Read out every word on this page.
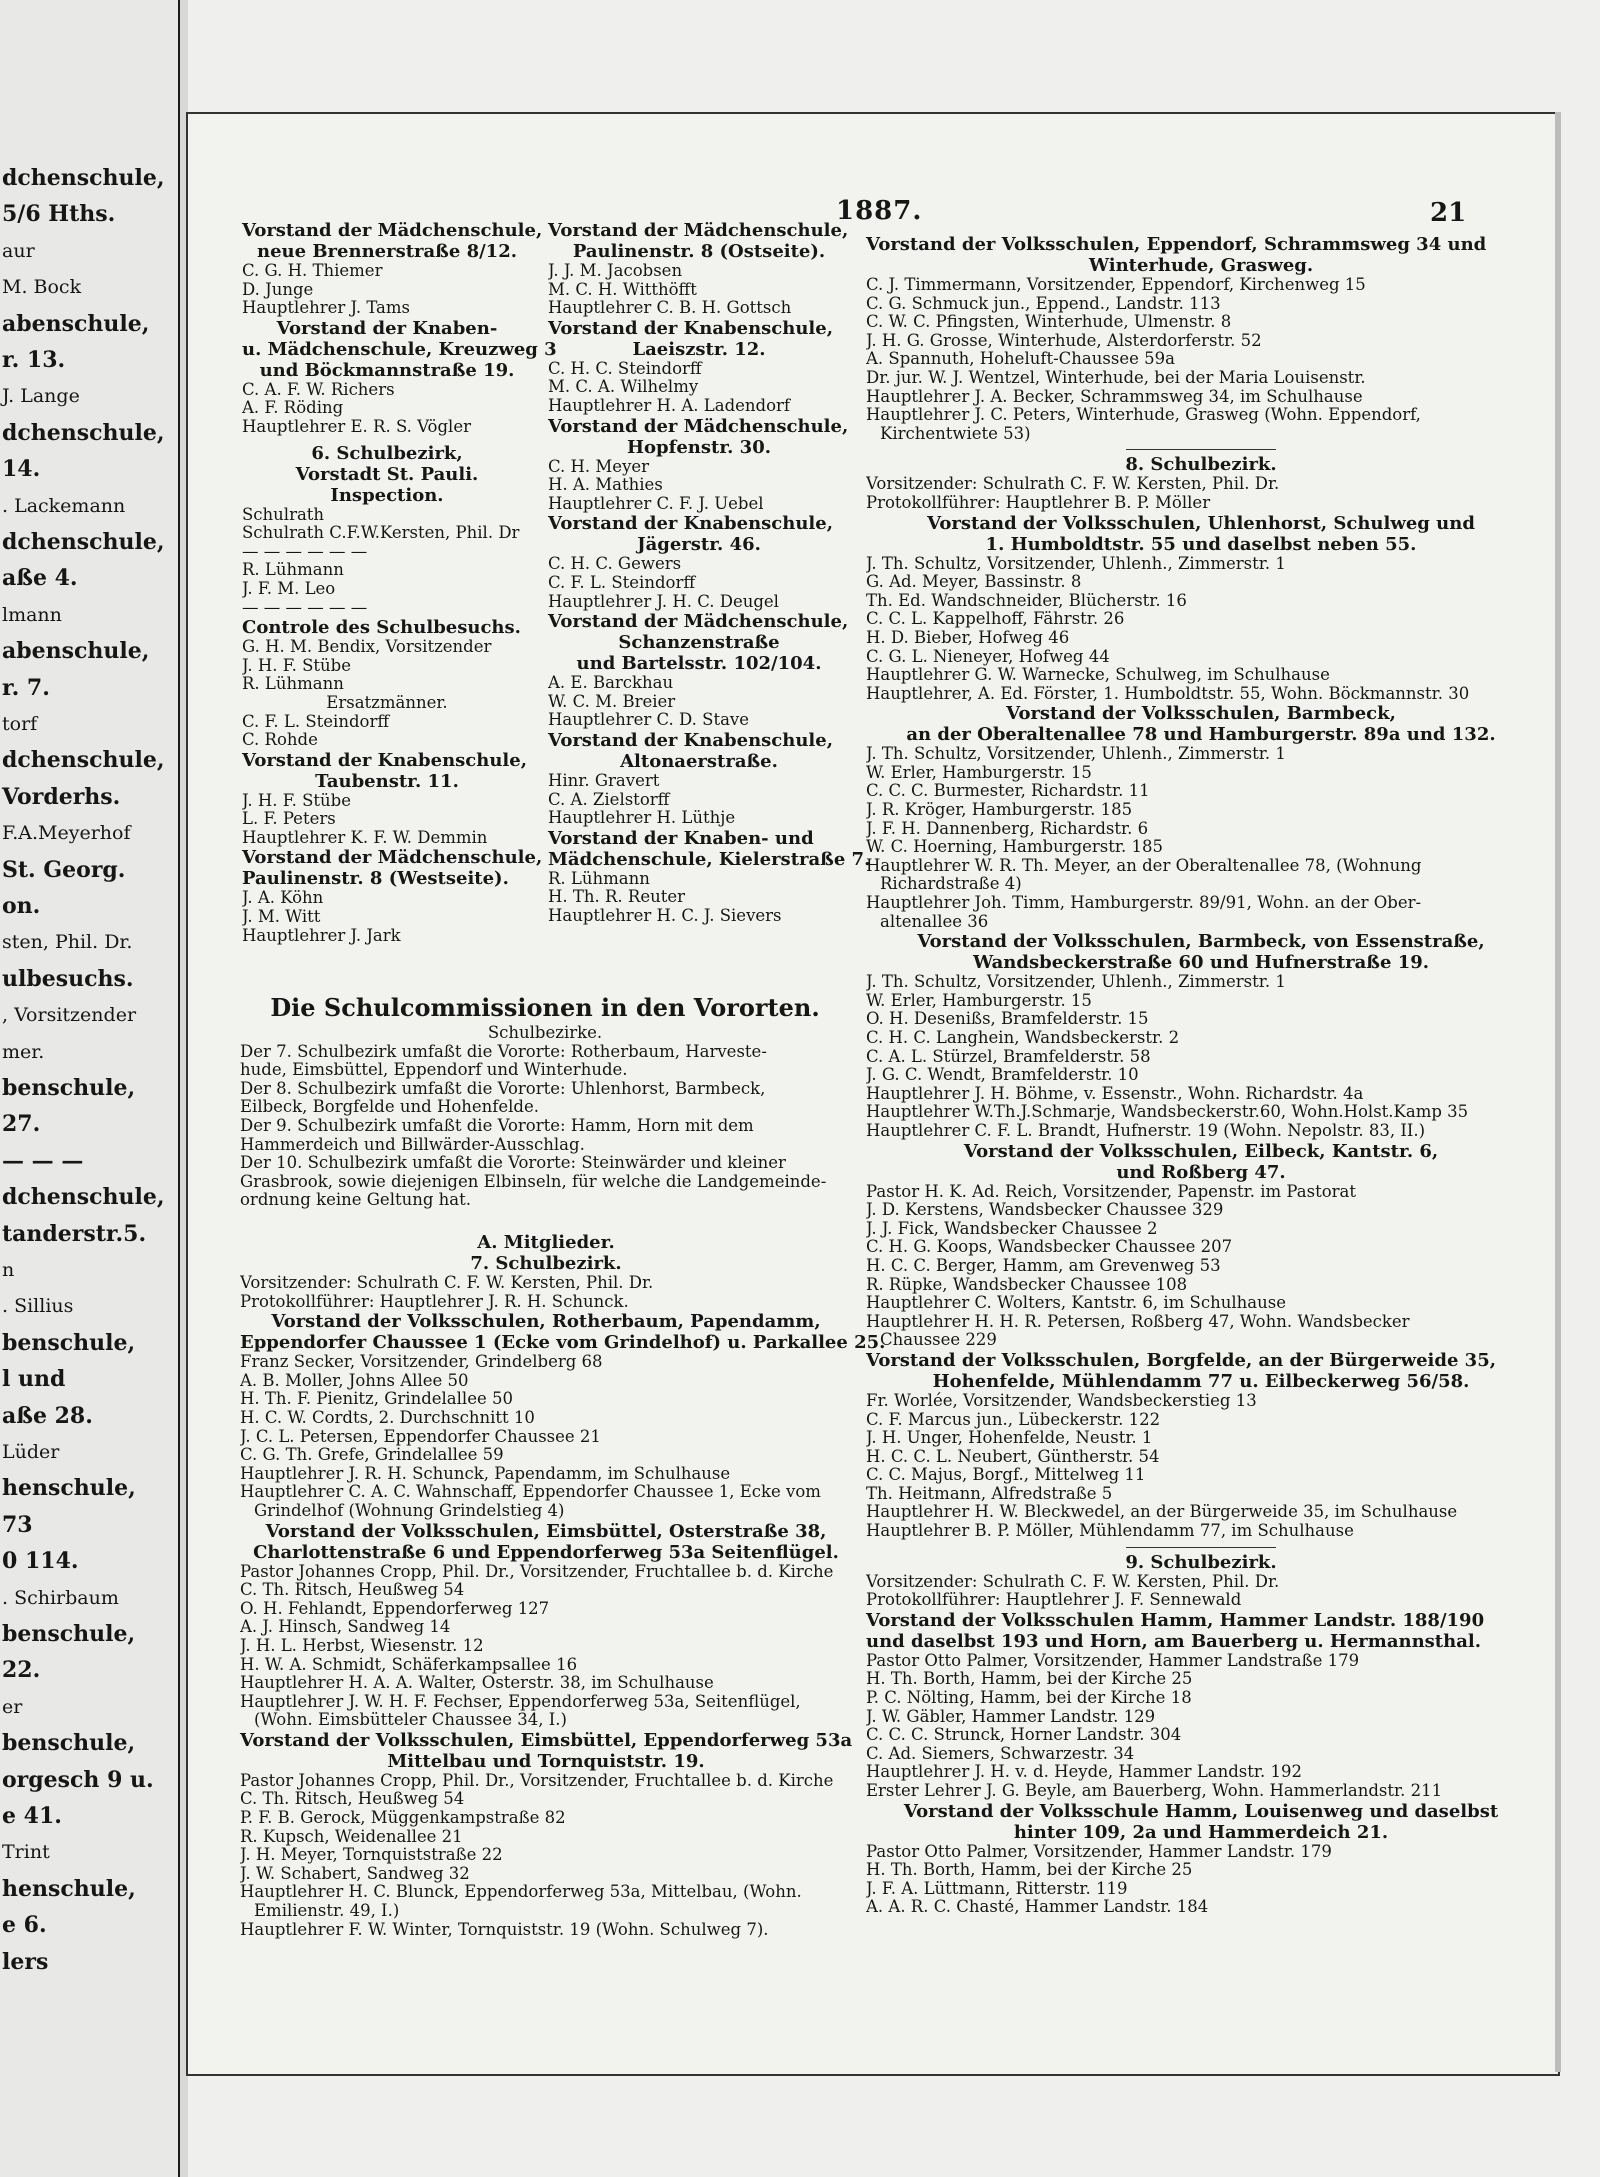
dchenschule,
5/6 Hths.
aur
M. Bock
abenschule,
r. 13.
J. Lange
dchenschule,
14.
. Lackemann
dchenschule,
aße 4.
lmann
abenschule,
r. 7.
torf
dchenschule,
Vorderhs.
F.A.Meyerhof
St. Georg.
on.
sten, Phil. Dr.
ulbesuchs.
, Vorsitzender
mer.
benschule,
27.
— — —
dchenschule,
tanderstr.5.
n
. Sillius
benschule,
l und
aße 28.
Lüder
henschule,
73
0 114.
. Schirbaum
benschule,
22.
er
benschule,
orgesch 9 u.
e 41.
Trint
henschule,
e 6.
lers
1887.	21
Vorstand der Mädchenschule,
neue Brennerstraße 8/12.
C. G. H. Thiemer
D. Junge
Hauptlehrer J. Tams
Vorstand der Knaben-
u. Mädchenschule, Kreuzweg 3
und Böckmannstraße 19.
C. A. F. W. Richers
A. F. Röding
Hauptlehrer E. R. S. Vögler
6. Schulbezirk,
Vorstadt St. Pauli.
Inspection.
Schulrath
Schulrath C.F.W.Kersten, Phil. Dr
— — — — — —
R. Lühmann
J. F. M. Leo
— — — — — —
Controle des Schulbesuchs.
G. H. M. Bendix, Vorsitzender
J. H. F. Stübe
R. Lühmann
Ersatzmänner.
C. F. L. Steindorff
C. Rohde
Vorstand der Knabenschule,
Taubenstr. 11.
J. H. F. Stübe
L. F. Peters
Hauptlehrer K. F. W. Demmin
Vorstand der Mädchenschule,
Paulinenstr. 8 (Westseite).
J. A. Köhn
J. M. Witt
Hauptlehrer J. Jark
Vorstand der Mädchenschule,
Paulinenstr. 8 (Ostseite).
J. J. M. Jacobsen
M. C. H. Witthöfft
Hauptlehrer C. B. H. Gottsch
Vorstand der Knabenschule,
Laeiszstr. 12.
C. H. C. Steindorff
M. C. A. Wilhelmy
Hauptlehrer H. A. Ladendorf
Vorstand der Mädchenschule,
Hopfenstr. 30.
C. H. Meyer
H. A. Mathies
Hauptlehrer C. F. J. Uebel
Vorstand der Knabenschule,
Jägerstr. 46.
C. H. C. Gewers
C. F. L. Steindorff
Hauptlehrer J. H. C. Deugel
Vorstand der Mädchenschule,
Schanzenstraße
und Bartelsstr. 102/104.
A. E. Barckhau
W. C. M. Breier
Hauptlehrer C. D. Stave
Vorstand der Knabenschule,
Altonaerstraße.
Hinr. Gravert
C. A. Zielstorff
Hauptlehrer H. Lüthje
Vorstand der Knaben- und
Mädchenschule, Kielerstraße 7.
R. Lühmann
H. Th. R. Reuter
Hauptlehrer H. C. J. Sievers
Die Schulcommissionen in den Vororten.
Schulbezirke.
Der 7. Schulbezirk umfaßt die Vororte: Rotherbaum, Harveste-
hude, Eimsbüttel, Eppendorf und Winterhude.
Der 8. Schulbezirk umfaßt die Vororte: Uhlenhorst, Barmbeck,
Eilbeck, Borgfelde und Hohenfelde.
Der 9. Schulbezirk umfaßt die Vororte: Hamm, Horn mit dem
Hammerdeich und Billwärder-Ausschlag.
Der 10. Schulbezirk umfaßt die Vororte: Steinwärder und kleiner
Grasbrook, sowie diejenigen Elbinseln, für welche die Landgemeinde-
ordnung keine Geltung hat.
A. Mitglieder.
7. Schulbezirk.
Vorsitzender: Schulrath C. F. W. Kersten, Phil. Dr.
Protokollführer: Hauptlehrer J. R. H. Schunck.
Vorstand der Volksschulen, Rotherbaum, Papendamm,
Eppendorfer Chaussee 1 (Ecke vom Grindelhof) u. Parkallee 25.
Franz Secker, Vorsitzender, Grindelberg 68
A. B. Moller, Johns Allee 50
H. Th. F. Pienitz, Grindelallee 50
H. C. W. Cordts, 2. Durchschnitt 10
J. C. L. Petersen, Eppendorfer Chaussee 21
C. G. Th. Grefe, Grindelallee 59
Hauptlehrer J. R. H. Schunck, Papendamm, im Schulhause
Hauptlehrer C. A. C. Wahnschaff, Eppendorfer Chaussee 1, Ecke vom
Grindelhof (Wohnung Grindelstieg 4)
Vorstand der Volksschulen, Eimsbüttel, Osterstraße 38,
Charlottenstraße 6 und Eppendorferweg 53a Seitenflügel.
Pastor Johannes Cropp, Phil. Dr., Vorsitzender, Fruchtallee b. d. Kirche
C. Th. Ritsch, Heußweg 54
O. H. Fehlandt, Eppendorferweg 127
A. J. Hinsch, Sandweg 14
J. H. L. Herbst, Wiesenstr. 12
H. W. A. Schmidt, Schäferkampsallee 16
Hauptlehrer H. A. A. Walter, Osterstr. 38, im Schulhause
Hauptlehrer J. W. H. F. Fechser, Eppendorferweg 53a, Seitenflügel,
(Wohn. Eimsbütteler Chaussee 34, I.)
Vorstand der Volksschulen, Eimsbüttel, Eppendorferweg 53a
Mittelbau und Tornquiststr. 19.
Pastor Johannes Cropp, Phil. Dr., Vorsitzender, Fruchtallee b. d. Kirche
C. Th. Ritsch, Heußweg 54
P. F. B. Gerock, Müggenkampstraße 82
R. Kupsch, Weidenallee 21
J. H. Meyer, Tornquiststraße 22
J. W. Schabert, Sandweg 32
Hauptlehrer H. C. Blunck, Eppendorferweg 53a, Mittelbau, (Wohn.
Emilienstr. 49, I.)
Hauptlehrer F. W. Winter, Tornquiststr. 19 (Wohn. Schulweg 7).
Vorstand der Volksschulen, Eppendorf, Schrammsweg 34 und
Winterhude, Grasweg.
C. J. Timmermann, Vorsitzender, Eppendorf, Kirchenweg 15
C. G. Schmuck jun., Eppend., Landstr. 113
C. W. C. Pfingsten, Winterhude, Ulmenstr. 8
J. H. G. Grosse, Winterhude, Alsterdorferstr. 52
A. Spannuth, Hoheluft-Chaussee 59a
Dr. jur. W. J. Wentzel, Winterhude, bei der Maria Louisenstr.
Hauptlehrer J. A. Becker, Schrammsweg 34, im Schulhause
Hauptlehrer J. C. Peters, Winterhude, Grasweg (Wohn. Eppendorf,
Kirchentwiete 53)
8. Schulbezirk.
Vorsitzender: Schulrath C. F. W. Kersten, Phil. Dr.
Protokollführer: Hauptlehrer B. P. Möller
Vorstand der Volksschulen, Uhlenhorst, Schulweg und
1. Humboldtstr. 55 und daselbst neben 55.
J. Th. Schultz, Vorsitzender, Uhlenh., Zimmerstr. 1
G. Ad. Meyer, Bassinstr. 8
Th. Ed. Wandschneider, Blücherstr. 16
C. C. L. Kappelhoff, Fährstr. 26
H. D. Bieber, Hofweg 46
C. G. L. Nieneyer, Hofweg 44
Hauptlehrer G. W. Warnecke, Schulweg, im Schulhause
Hauptlehrer, A. Ed. Förster, 1. Humboldtstr. 55, Wohn. Böckmannstr. 30
Vorstand der Volksschulen, Barmbeck,
an der Oberaltenallee 78 und Hamburgerstr. 89a und 132.
J. Th. Schultz, Vorsitzender, Uhlenh., Zimmerstr. 1
W. Erler, Hamburgerstr. 15
C. C. C. Burmester, Richardstr. 11
J. R. Kröger, Hamburgerstr. 185
J. F. H. Dannenberg, Richardstr. 6
W. C. Hoerning, Hamburgerstr. 185
Hauptlehrer W. R. Th. Meyer, an der Oberaltenallee 78, (Wohnung
Richardstraße 4)
Hauptlehrer Joh. Timm, Hamburgerstr. 89/91, Wohn. an der Ober-
altenallee 36
Vorstand der Volksschulen, Barmbeck, von Essenstraße,
Wandsbeckerstraße 60 und Hufnerstraße 19.
J. Th. Schultz, Vorsitzender, Uhlenh., Zimmerstr. 1
W. Erler, Hamburgerstr. 15
O. H. Desenißs, Bramfelderstr. 15
C. H. C. Langhein, Wandsbeckerstr. 2
C. A. L. Stürzel, Bramfelderstr. 58
J. G. C. Wendt, Bramfelderstr. 10
Hauptlehrer J. H. Böhme, v. Essenstr., Wohn. Richardstr. 4a
Hauptlehrer W.Th.J.Schmarje, Wandsbeckerstr.60, Wohn.Holst.Kamp 35
Hauptlehrer C. F. L. Brandt, Hufnerstr. 19 (Wohn. Nepolstr. 83, II.)
Vorstand der Volksschulen, Eilbeck, Kantstr. 6,
und Roßberg 47.
Pastor H. K. Ad. Reich, Vorsitzender, Papenstr. im Pastorat
J. D. Kerstens, Wandsbecker Chaussee 329
J. J. Fick, Wandsbecker Chaussee 2
C. H. G. Koops, Wandsbecker Chaussee 207
H. C. C. Berger, Hamm, am Grevenweg 53
R. Rüpke, Wandsbecker Chaussee 108
Hauptlehrer C. Wolters, Kantstr. 6, im Schulhause
Hauptlehrer H. H. R. Petersen, Roßberg 47, Wohn. Wandsbecker
Chaussee 229
Vorstand der Volksschulen, Borgfelde, an der Bürgerweide 35,
Hohenfelde, Mühlendamm 77 u. Eilbeckerweg 56/58.
Fr. Worlée, Vorsitzender, Wandsbeckerstieg 13
C. F. Marcus jun., Lübeckerstr. 122
J. H. Unger, Hohenfelde, Neustr. 1
H. C. C. L. Neubert, Güntherstr. 54
C. C. Majus, Borgf., Mittelweg 11
Th. Heitmann, Alfredstraße 5
Hauptlehrer H. W. Bleckwedel, an der Bürgerweide 35, im Schulhause
Hauptlehrer B. P. Möller, Mühlendamm 77, im Schulhause
9. Schulbezirk.
Vorsitzender: Schulrath C. F. W. Kersten, Phil. Dr.
Protokollführer: Hauptlehrer J. F. Sennewald
Vorstand der Volksschulen Hamm, Hammer Landstr. 188/190
und daselbst 193 und Horn, am Bauerberg u. Hermannsthal.
Pastor Otto Palmer, Vorsitzender, Hammer Landstraße 179
H. Th. Borth, Hamm, bei der Kirche 25
P. C. Nölting, Hamm, bei der Kirche 18
J. W. Gäbler, Hammer Landstr. 129
C. C. C. Strunck, Horner Landstr. 304
C. Ad. Siemers, Schwarzestr. 34
Hauptlehrer J. H. v. d. Heyde, Hammer Landstr. 192
Erster Lehrer J. G. Beyle, am Bauerberg, Wohn. Hammerlandstr. 211
Vorstand der Volksschule Hamm, Louisenweg und daselbst
hinter 109, 2a und Hammerdeich 21.
Pastor Otto Palmer, Vorsitzender, Hammer Landstr. 179
H. Th. Borth, Hamm, bei der Kirche 25
J. F. A. Lüttmann, Ritterstr. 119
A. A. R. C. Chasté, Hammer Landstr. 184
